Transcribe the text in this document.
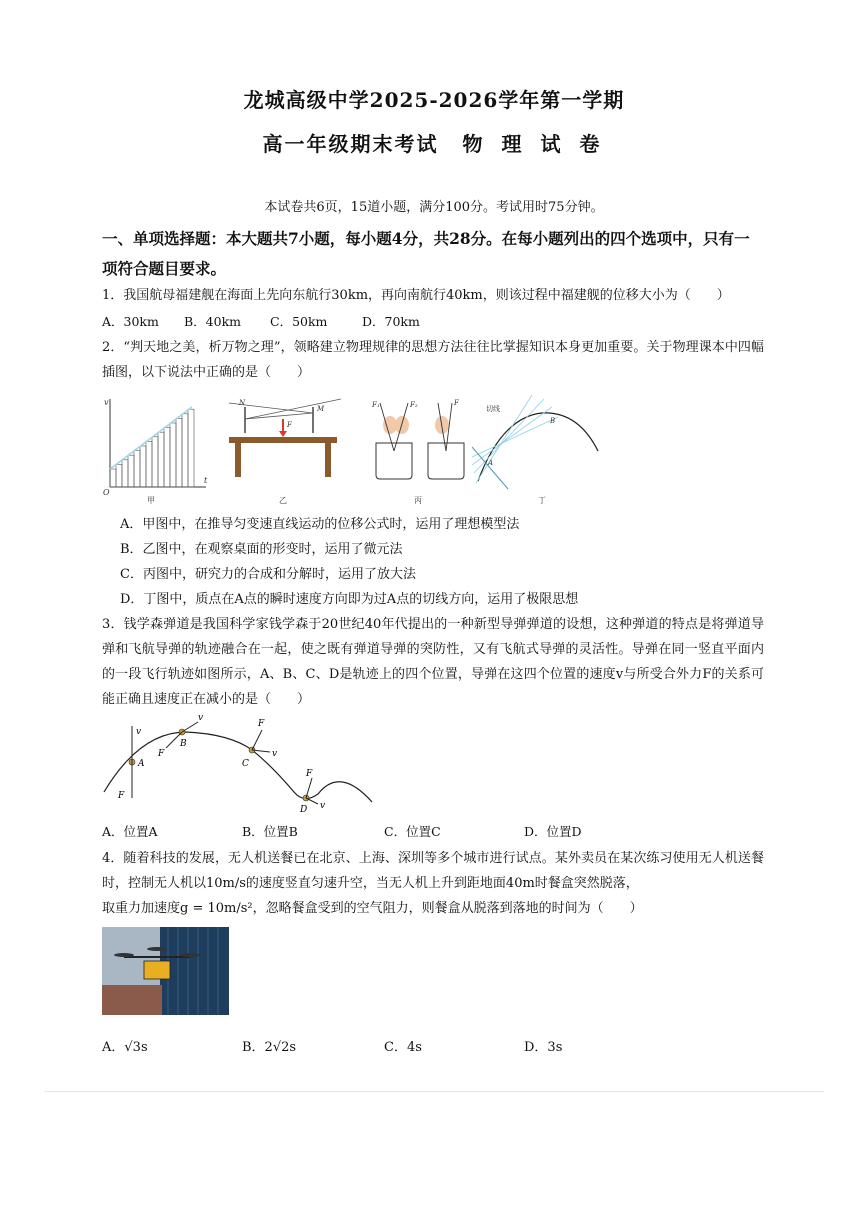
龙城高级中学2025-2026学年第一学期
高一年级期末考试 物 理 试 卷
本试卷共6页，15道小题，满分100分。考试用时75分钟。
一、单项选择题：本大题共7小题，每小题4分，共28分。在每小题列出的四个选项中，只有一项符合题目要求。
1．我国航母福建舰在海面上先向东航行30km，再向南航行40km，则该过程中福建舰的位移大小为（　　）
A．30km	B．40km	C．50km	D．70km
2．“判天地之美，析万物之理”，领略建立物理规律的思想方法往往比掌握知识本身更加重要。关于物理课本中四幅插图，以下说法中正确的是（　　）
v
t
O
甲
N
M
F
乙
F₁	F₂	F
丙
切线
B
A
丁
A．甲图中，在推导匀变速直线运动的位移公式时，运用了理想模型法
B．乙图中，在观察桌面的形变时，运用了微元法
C．丙图中，研究力的合成和分解时，运用了放大法
D．丁图中，质点在A点的瞬时速度方向即为过A点的切线方向，运用了极限思想
3．钱学森弹道是我国科学家钱学森于20世纪40年代提出的一种新型导弹弹道的设想，这种弹道的特点是将弹道导弹和飞航导弹的轨迹融合在一起，使之既有弹道导弹的突防性，又有飞航式导弹的灵活性。导弹在同一竖直平面内的一段飞行轨迹如图所示，A、B、C、D是轨迹上的四个位置，导弹在这四个位置的速度v与所受合外力F的关系可能正确且速度正在减小的是（　　）
A
v
F
B
v
F
C
F
v
D
F
v
A．位置A	B．位置B	C．位置C	D．位置D
4．随着科技的发展，无人机送餐已在北京、上海、深圳等多个城市进行试点。某外卖员在某次练习使用无人机送餐时，控制无人机以10m/s的速度竖直匀速升空，当无人机上升到距地面40m时餐盒突然脱落，
取重力加速度g = 10m/s²，忽略餐盒受到的空气阻力，则餐盒从脱落到落地的时间为（　　）
A．√3s	B．2√2s	C．4s	D．3s
